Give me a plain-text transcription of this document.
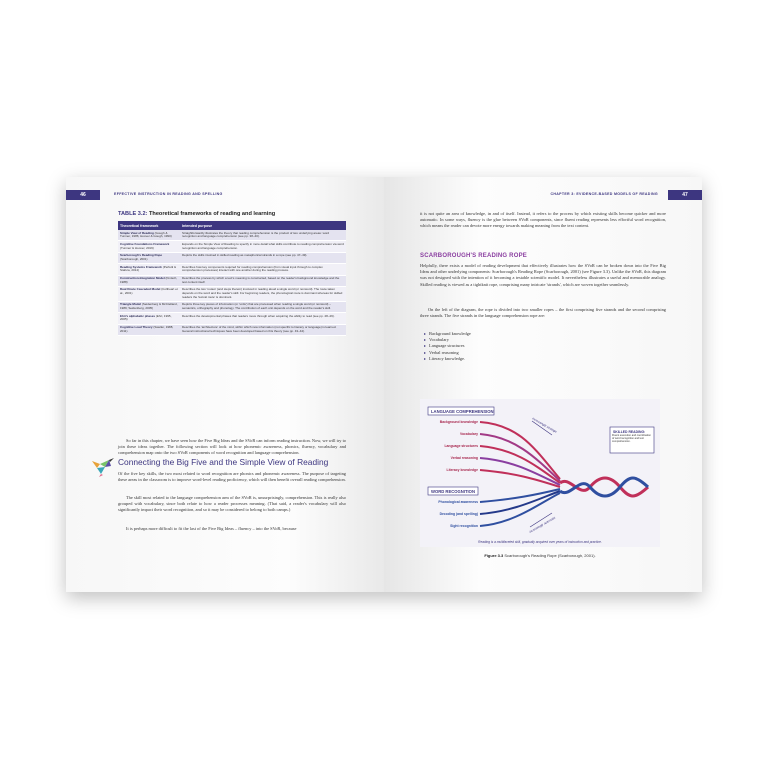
46	EFFECTIVE INSTRUCTION IN READING AND SPELLING
TABLE 3.2: Theoretical frameworks of reading and learning
Theoretical framework	Intended purpose
Simple View of Reading (Gough & Tunmer, 1986; Hoover & Gough, 1990)	Straightforwardly illustrates the theory that reading comprehension is the product of two underlying areas: word recognition and language comprehension (see pp. 38–40).
Cognitive Foundations Framework (Tunmer & Hoover, 2019)	Expands on the Simple View of Reading to specify in more detail what skills contribute to reading comprehension via word recognition and language comprehension.
Scarborough's Reading Rope (Scarborough, 2001)	Depicts the skills involved in skilled reading as metaphorical strands in a rope (see pp. 47–49).
Reading Systems Framework (Perfetti & Stafura, 2014)	Describes how key components required for reading comprehension (from visual input through to complex comprehension processes) interact with one another during the reading process.
Construction-Integration Model (Kintsch, 1988)	Describes the process by which a text's meaning is constructed, based on the reader's background knowledge and the text content itself.
Dual Route Cascaded Model (Coltheart et al., 2001)	Describes the two 'routes' (and steps therein) involved in reading aloud a single word (or nonword). The route taken depends on the word and the reader's skill. For beginning readers, the phonological route is dominant whereas for skilled readers the 'lexical route' is dominant.
Triangle Model (Seidenberg & McClelland, 1989; Seidenberg, 2005)	Depicts three key pieces of information (or 'units') that are processed when reading a single word (or nonword) – semantics, orthography and phonology. The contribution of each unit depends on the word and the reader's skill.
Ehri's alphabetic phases (Ehri, 1995, 2005)	Describes the developmental phases that readers move through when acquiring the ability to read (see pp. 48–49).
Cognitive Load Theory (Sweller, 1988, 2011)	Describes the 'architecture' of the mind, within which new information (not specific to literacy or language) is learned. General instructional techniques have been developed based on this theory (see pp. 43–44).
So far in this chapter, we have seen how the Five Big Ideas and the SVoR can inform reading instruction. Now, we will try to join these ideas together. The following section will look at how phonemic awareness, phonics, fluency, vocabulary and comprehension map onto the two SVoR components of word recognition and language comprehension.
Connecting the Big Five and the Simple View of Reading
Of the five key skills, the two most related to word recognition are phonics and phonemic awareness. The purpose of targeting these areas in the classroom is to improve word-level reading proficiency, which will then benefit overall reading comprehension.
The skill most related to the language comprehension arm of the SVoR is, unsurprisingly, comprehension. This is really also grouped with vocabulary, since both relate to how a reader processes meaning. (That said, a reader's vocabulary will also significantly impact their word recognition, and so it may be considered to belong to both camps.)
It is perhaps more difficult to fit the last of the Five Big Ideas – fluency – into the SVoR, because
47
CHAPTER 3: EVIDENCE-BASED MODELS OF READING
it is not quite an area of knowledge, in and of itself. Instead, it refers to the process by which existing skills become quicker and more automatic. In some ways, fluency is the glue between SVoR components, since fluent reading represents less effortful word recognition, which means the reader can devote more energy towards making meaning from the text content.
SCARBOROUGH'S READING ROPE
Helpfully, there exists a model of reading development that effectively illustrates how the SVoR can be broken down into the Five Big Ideas and other underlying components: Scarborough's Reading Rope (Scarborough, 2001) (see Figure 3.3). Unlike the SVoR, this diagram was not designed with the intention of it becoming a testable scientific model. It nevertheless illustrates a useful and memorable analogy. Skilled reading is viewed as a tightknit rope, comprising many intricate 'strands', which are woven together seamlessly.
On the left of the diagram, the rope is divided into two smaller ropes – the first comprising five strands and the second comprising three strands. The five strands in the language comprehension rope are:
▸ Background knowledge
▸ Vocabulary
▸ Language structures
▸ Verbal reasoning
▸ Literacy knowledge.
LANGUAGE COMPREHENSION
Background knowledge
Vocabulary
Language structures
Verbal reasoning
Literacy knowledge
WORD RECOGNITION
Phonological awareness
Decoding (and spelling)
Sight recognition
increasingly strategic
increasingly automatic
SKILLED READING:
Fluent execution and coordination of word recognition and text comprehension.
Reading is a multifaceted skill, gradually acquired over years of instruction and practice.
Figure 3.3 Scarborough's Reading Rope (Scarborough, 2001).
